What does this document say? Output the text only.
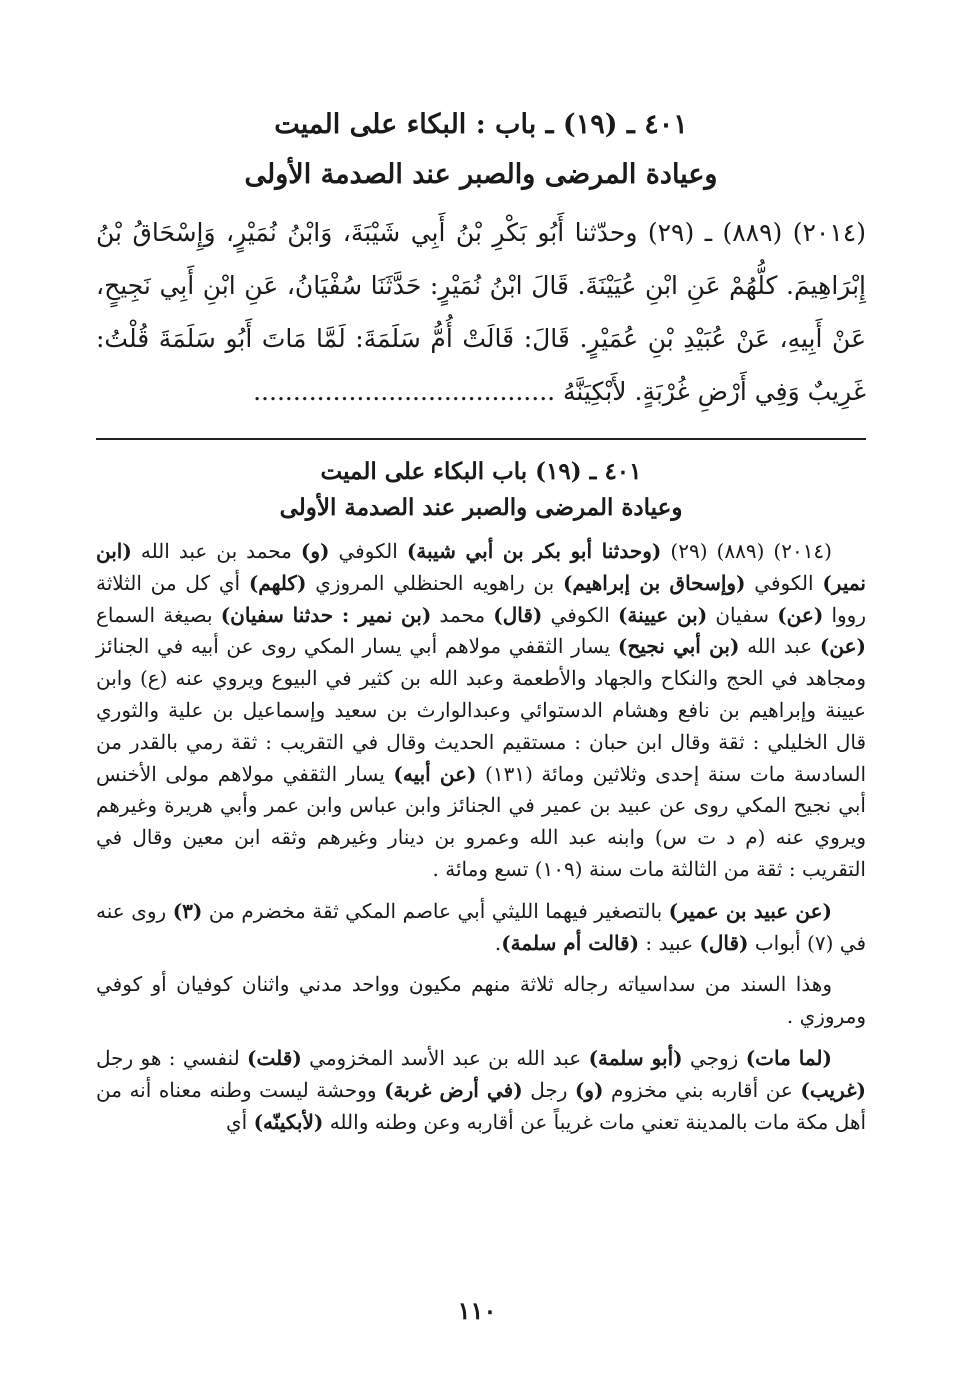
٤٠١ ـ (١٩) ـ باب : البكاء على الميت

وعيادة المرضى والصبر عند الصدمة الأولى

(٢٠١٤) (٨٨٩) ـ (٢٩) وحدّثنا أَبُو بَكْرِ بْنُ أَبِي شَيْبَةَ، وَابْنُ نُمَيْرٍ، وَإِسْحَاقُ بْنُ إِبْرَاهِيمَ. كلُّهُمْ عَنِ ابْنِ عُيَيْنَةَ. قَالَ ابْنُ نُمَيْرٍ: حَدَّثَنَا سُفْيَانُ، عَنِ ابْنِ أَبِي نَجِيحٍ، عَنْ أَبِيهِ، عَنْ عُبَيْدِ بْنِ عُمَيْرٍ. قَالَ: قَالَتْ أُمُّ سَلَمَةَ: لَمَّا مَاتَ أَبُو سَلَمَةَ قُلْتُ: غَرِيبٌ وَفِي أَرْضِ غُرْبَةٍ. لأَبْكِيَنَّهُ ......................................

٤٠١ ـ (١٩) باب البكاء على الميت
وعيادة المرضى والصبر عند الصدمة الأولى

(٢٠١٤) (٨٨٩) (٢٩) (وحدثنا أبو بكر بن أبي شيبة) الكوفي (و) محمد بن عبد الله (ابن نمير) الكوفي (وإسحاق بن إبراهيم) بن راهويه الحنظلي المروزي (كلهم) أي كل من الثلاثة رووا (عن) سفيان (بن عيينة) الكوفي (قال) محمد (بن نمير : حدثنا سفيان) بصيغة السماع (عن) عبد الله (بن أبي نجيح) يسار الثقفي مولاهم أبي يسار المكي روى عن أبيه في الجنائز ومجاهد في الحج والنكاح والجهاد والأطعمة وعبد الله بن كثير في البيوع ويروي عنه (ع) وابن عيينة وإبراهيم بن نافع وهشام الدستوائي وعبدالوارث بن سعيد وإسماعيل بن علية والثوري قال الخليلي : ثقة وقال ابن حبان : مستقيم الحديث وقال في التقريب : ثقة رمي بالقدر من السادسة مات سنة إحدى وثلاثين ومائة (١٣١) (عن أبيه) يسار الثقفي مولاهم مولى الأخنس أبي نجيح المكي روى عن عبيد بن عمير في الجنائز وابن عباس وابن عمر وأبي هريرة وغيرهم ويروي عنه (م د ت س) وابنه عبد الله وعمرو بن دينار وغيرهم وثقه ابن معين وقال في التقريب : ثقة من الثالثة مات سنة (١٠٩) تسع ومائة .

(عن عبيد بن عمير) بالتصغير فيهما الليثي أبي عاصم المكي ثقة مخضرم من (٣) روى عنه في (٧) أبواب (قال) عبيد : (قالت أم سلمة).

وهذا السند من سداسياته رجاله ثلاثة منهم مكيون وواحد مدني واثنان كوفيان أو كوفي ومروزي .

(لما مات) زوجي (أبو سلمة) عبد الله بن عبد الأسد المخزومي (قلت) لنفسي : هو رجل (غريب) عن أقاربه بني مخزوم (و) رجل (في أرض غربة) ووحشة ليست وطنه معناه أنه من أهل مكة مات بالمدينة تعني مات غريباً عن أقاربه وعن وطنه والله (لأبكينّه) أي

١١٠
